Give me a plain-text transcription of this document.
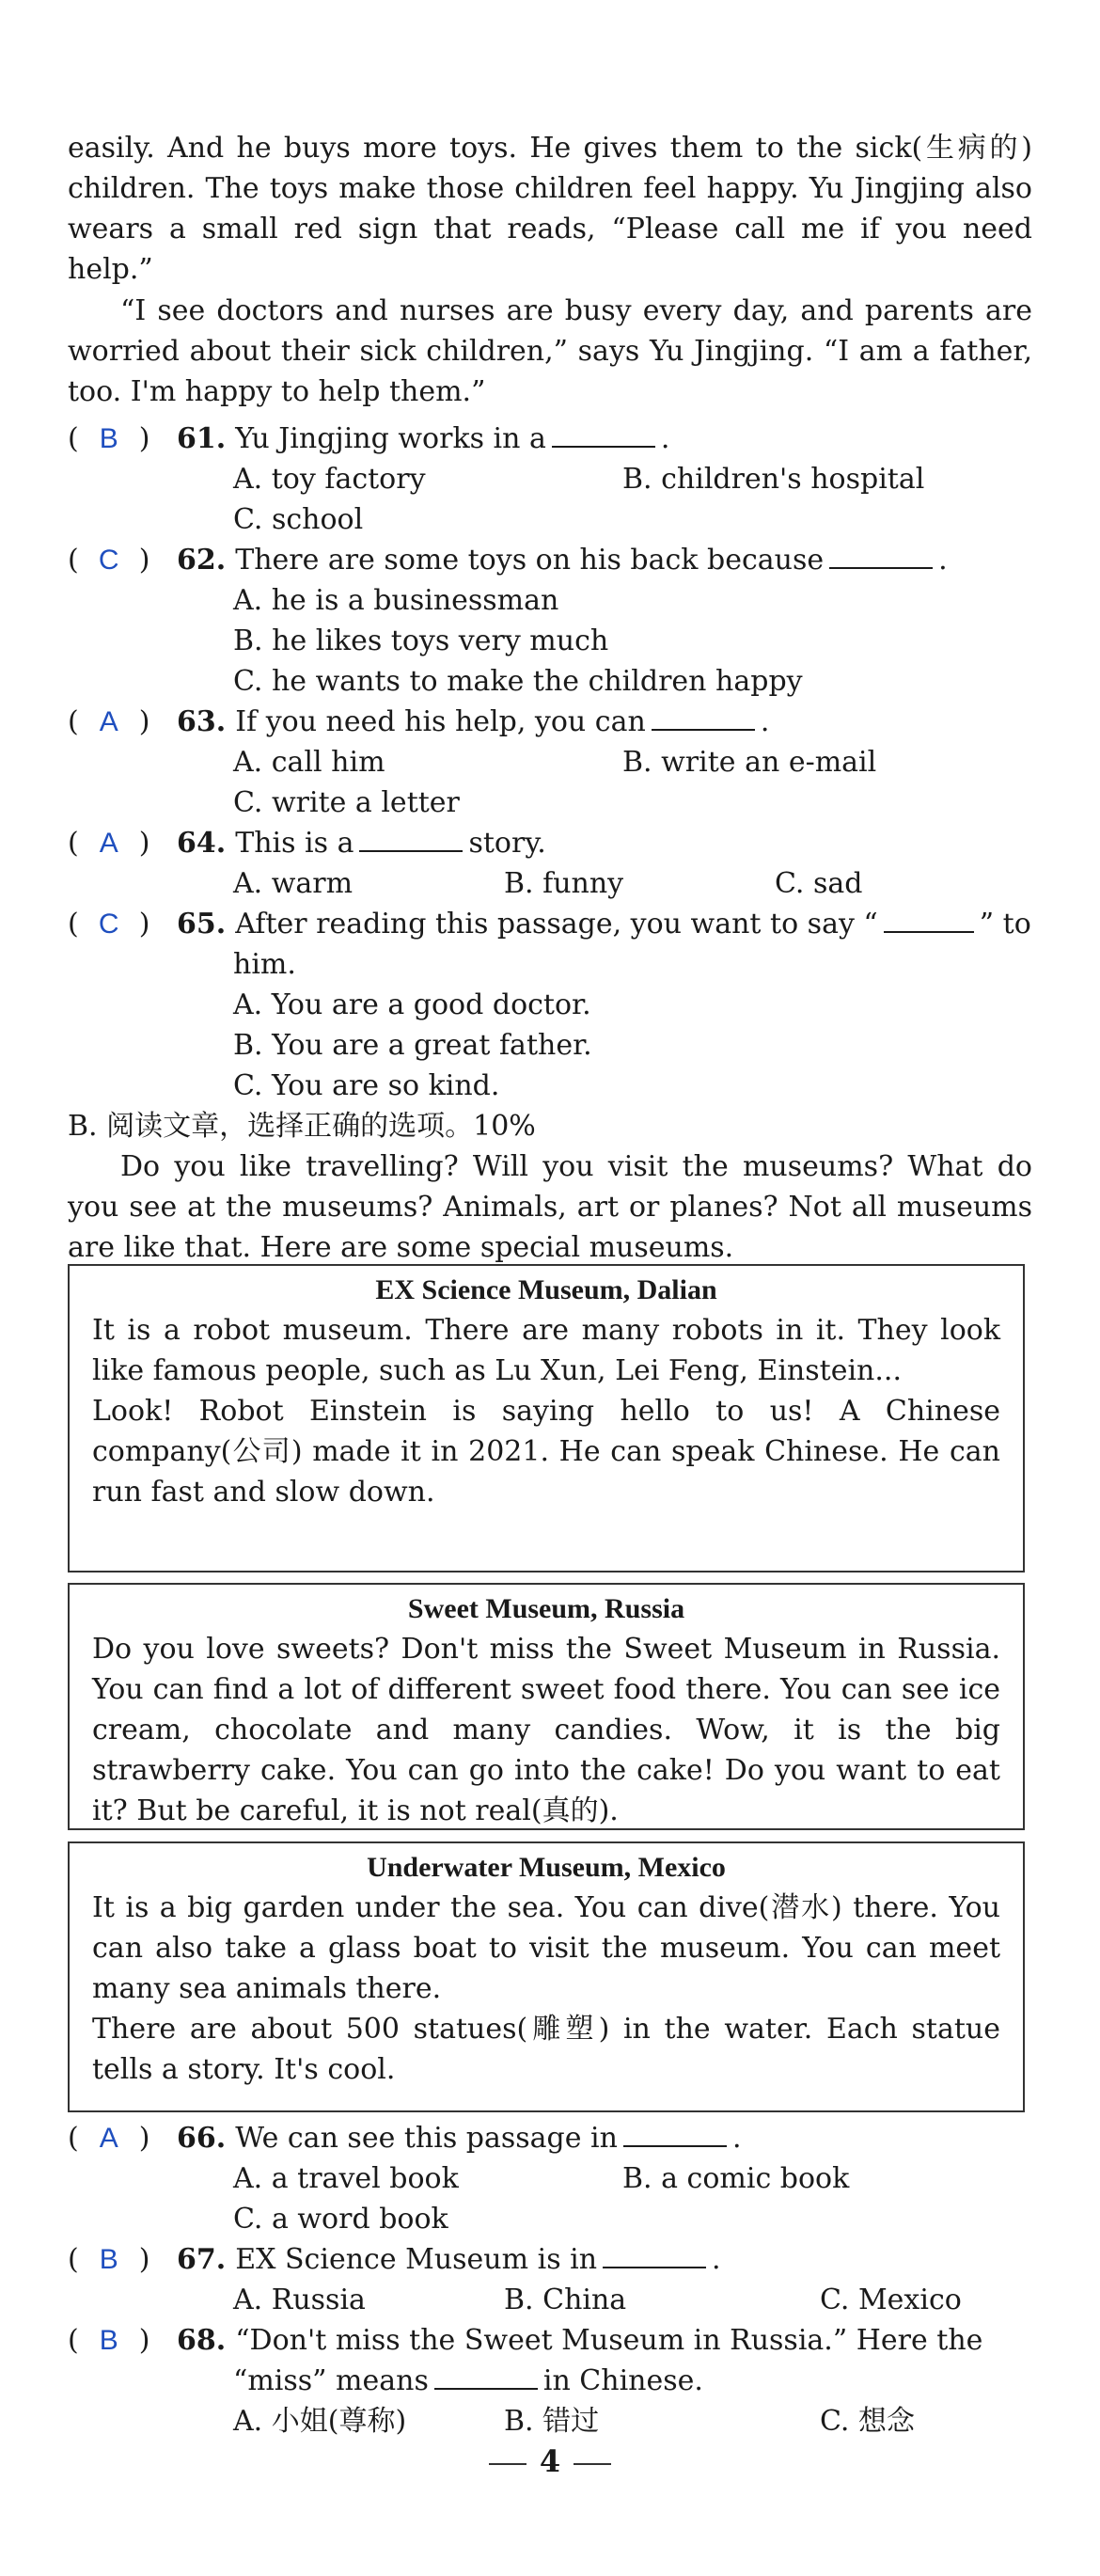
easily. And he buys more toys. He gives them to the sick(生病的) children. The toys make those children feel happy. Yu Jingjing also wears a small red sign that reads, “Please call me if you need help.”

“I see doctors and nurses are busy every day, and parents are worried about their sick children,” says Yu Jingjing. “I am a father, too. I'm happy to help them.”

( B ) 61. Yu Jingjing works in a	.
A. toy factory	B. children's hospital
C. school
( C ) 62. There are some toys on his back because	.
A. he is a businessman
B. he likes toys very much
C. he wants to make the children happy
( A ) 63. If you need his help, you can	.
A. call him	B. write an e-mail
C. write a letter
( A ) 64. This is a	story.
A. warm	B. funny	C. sad
( C ) 65. After reading this passage, you want to say “	” to
him.
A. You are a good doctor.
B. You are a great father.
C. You are so kind.
B. 阅读文章，选择正确的选项。10%

Do you like travelling? Will you visit the museums? What do you see at the museums? Animals, art or planes? Not all museums are like that. Here are some special museums.

EX Science Museum, Dalian
It is a robot museum. There are many robots in it. They look like famous people, such as Lu Xun, Lei Feng, Einstein...
Look! Robot Einstein is saying hello to us! A Chinese company(公司) made it in 2021. He can speak Chinese. He can run fast and slow down.
Sweet Museum, Russia
Do you love sweets? Don't miss the Sweet Museum in Russia. You can find a lot of different sweet food there. You can see ice cream, chocolate and many candies. Wow, it is the big strawberry cake. You can go into the cake! Do you want to eat it? But be careful, it is not real(真的).
Underwater Museum, Mexico
It is a big garden under the sea. You can dive(潜水) there. You can also take a glass boat to visit the museum. You can meet many sea animals there.
There are about 500 statues(雕塑) in the water. Each statue tells a story. It's cool.
( A ) 66. We can see this passage in	.
A. a travel book	B. a comic book
C. a word book
( B ) 67. EX Science Museum is in	.
A. Russia	B. China	C. Mexico
( B ) 68. “Don't miss the Sweet Museum in Russia.” Here the
“miss” means	in Chinese.
A. 小姐(尊称)	B. 错过	C. 想念
4
